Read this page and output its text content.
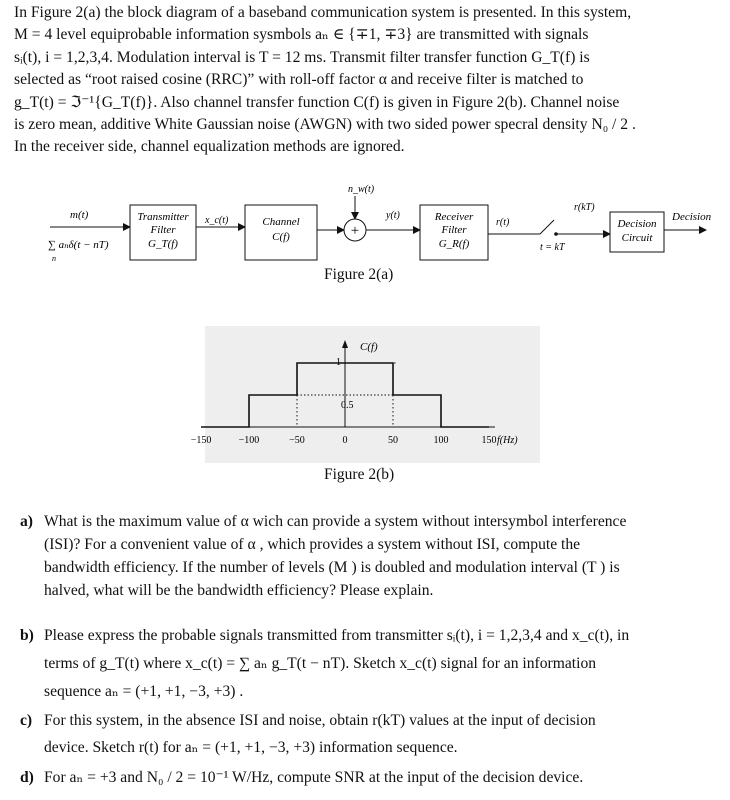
In Figure 2(a) the block diagram of a baseband communication system is presented. In this system,
M = 4 level equiprobable information sysmbols aₙ ∈ {∓1, ∓3} are transmitted with signals
sᵢ(t), i = 1,2,3,4. Modulation interval is T = 12 ms. Transmit filter transfer function G_T(f) is
selected as “root raised cosine (RRC)” with roll-off factor α and receive filter is matched to
g_T(t) = ℑ⁻¹{G_T(f)}. Also channel transfer function C(f) is given in Figure 2(b). Channel noise
is zero mean, additive White Gaussian noise (AWGN) with two sided power specral density N₀ / 2 .
In the receiver side, channel equalization methods are ignored.
m(t)
∑ aₙδ(t − nT)
n
Transmitter
Filter
G_T(f)
x_c(t)	Channel
C(f)
n_w(t)
+
y(t)	Receiver
Filter
G_R(f)
r(t)
t = kT
r(kT)
Decision
Circuit
Decision
Figure 2(a)
C(f)
f(Hz)
−150	−100	−50	0	50	100	150
1
0.5
Figure 2(b)
a) What is the maximum value of α wich can provide a system without intersymbol interference
(ISI)? For a convenient value of α , which provides a system without ISI, compute the
bandwidth efficiency. If the number of levels (M ) is doubled and modulation interval (T ) is
halved, what will be the bandwidth efficiency? Please explain.
b) Please express the probable signals transmitted from transmitter sᵢ(t), i = 1,2,3,4 and x_c(t), in
terms of g_T(t) where x_c(t) = ∑ aₙ g_T(t − nT). Sketch x_c(t) signal for an information
sequence aₙ = (+1, +1, −3, +3) .
c) For this system, in the absence ISI and noise, obtain r(kT) values at the input of decision
device. Sketch r(t) for aₙ = (+1, +1, −3, +3) information sequence.
d) For aₙ = +3 and N₀ / 2 = 10⁻¹ W/Hz, compute SNR at the input of the decision device.
